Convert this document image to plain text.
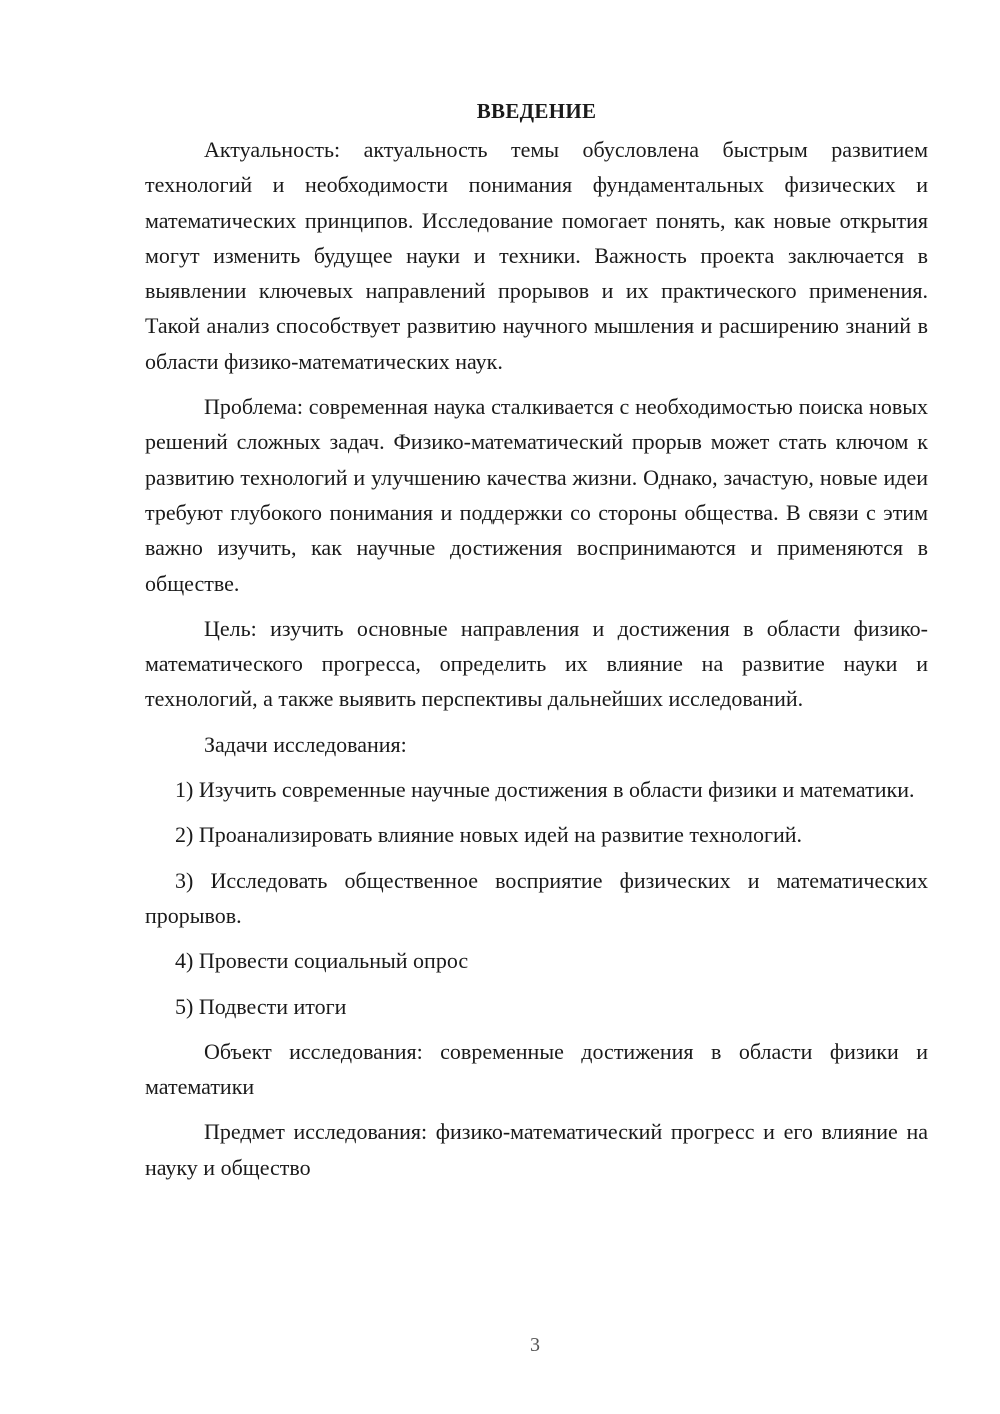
ВВЕДЕНИЕ

Актуальность: актуальность темы обусловлена быстрым развитием технологий и необходимости понимания фундаментальных физических и математических принципов. Исследование помогает понять, как новые открытия могут изменить будущее науки и техники. Важность проекта заключается в выявлении ключевых направлений прорывов и их практического применения. Такой анализ способствует развитию научного мышления и расширению знаний в области физико-математических наук.

Проблема: современная наука сталкивается с необходимостью поиска новых решений сложных задач. Физико-математический прорыв может стать ключом к развитию технологий и улучшению качества жизни. Однако, зачастую, новые идеи требуют глубокого понимания и поддержки со стороны общества. В связи с этим важно изучить, как научные достижения воспринимаются и применяются в обществе.

Цель: изучить основные направления и достижения в области физико-математического прогресса, определить их влияние на развитие науки и технологий, а также выявить перспективы дальнейших исследований.

Задачи исследования:

1) Изучить современные научные достижения в области физики и математики.

2) Проанализировать влияние новых идей на развитие технологий.

3) Исследовать общественное восприятие физических и математических прорывов.

4) Провести социальный опрос

5) Подвести итоги

Объект исследования: современные достижения в области физики и математики

Предмет исследования: физико-математический прогресс и его влияние на науку и общество

3
